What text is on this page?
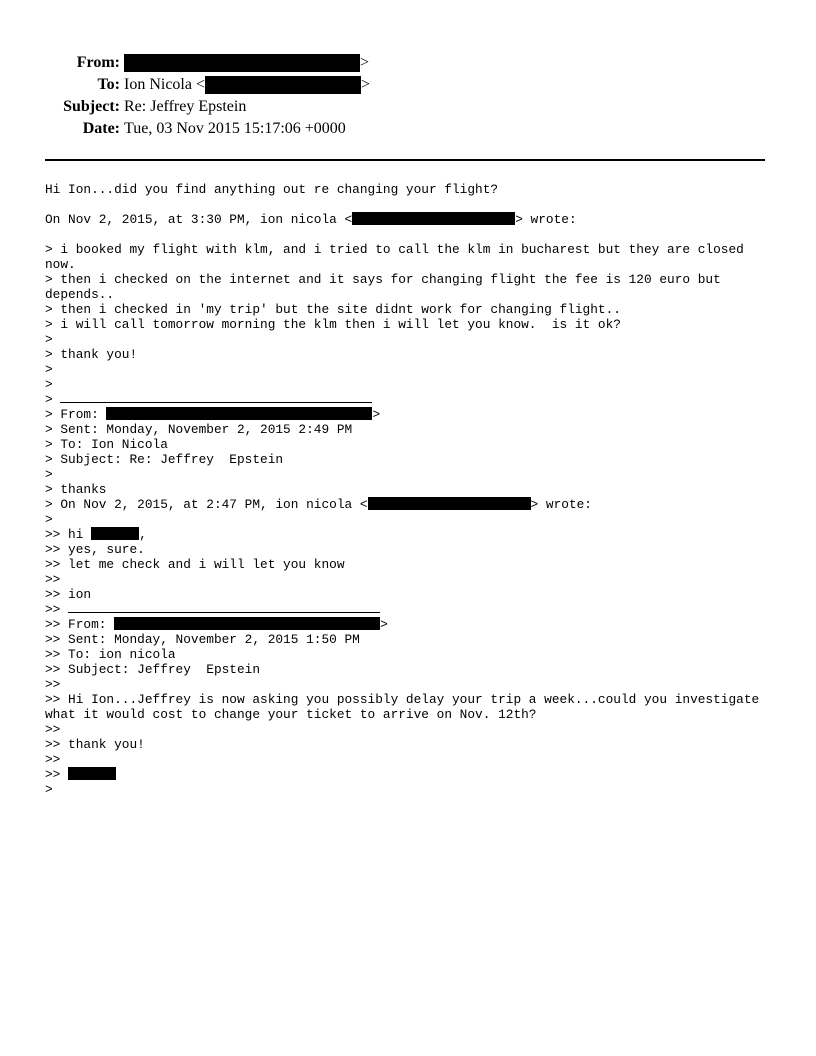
From:	>
To: Ion Nicola <	>
Subject: Re: Jeffrey Epstein
Date: Tue, 03 Nov 2015 15:17:06 +0000
Hi Ion...did you find anything out re changing your flight?
On Nov 2, 2015, at 3:30 PM, ion nicola <	> wrote:
> i booked my flight with klm, and i tried to call the klm in bucharest but they are closed
now.
> then i checked on the internet and it says for changing flight the fee is 120 euro but
depends..
> then i checked in 'my trip' but the site didnt work for changing flight..
> i will call tomorrow morning the klm then i will let you know.  is it ok?
>
> thank you!
>
>
>
> From:	>
> Sent: Monday, November 2, 2015 2:49 PM
> To: Ion Nicola
> Subject: Re: Jeffrey  Epstein
>
> thanks
> On Nov 2, 2015, at 2:47 PM, ion nicola <	> wrote:
>
>> hi	,
>> yes, sure.
>> let me check and i will let you know
>>
>> ion
>>
>> From:	>
>> Sent: Monday, November 2, 2015 1:50 PM
>> To: ion nicola
>> Subject: Jeffrey  Epstein
>>
>> Hi Ion...Jeffrey is now asking you possibly delay your trip a week...could you investigate
what it would cost to change your ticket to arrive on Nov. 12th?
>>
>> thank you!
>>
>>
>
